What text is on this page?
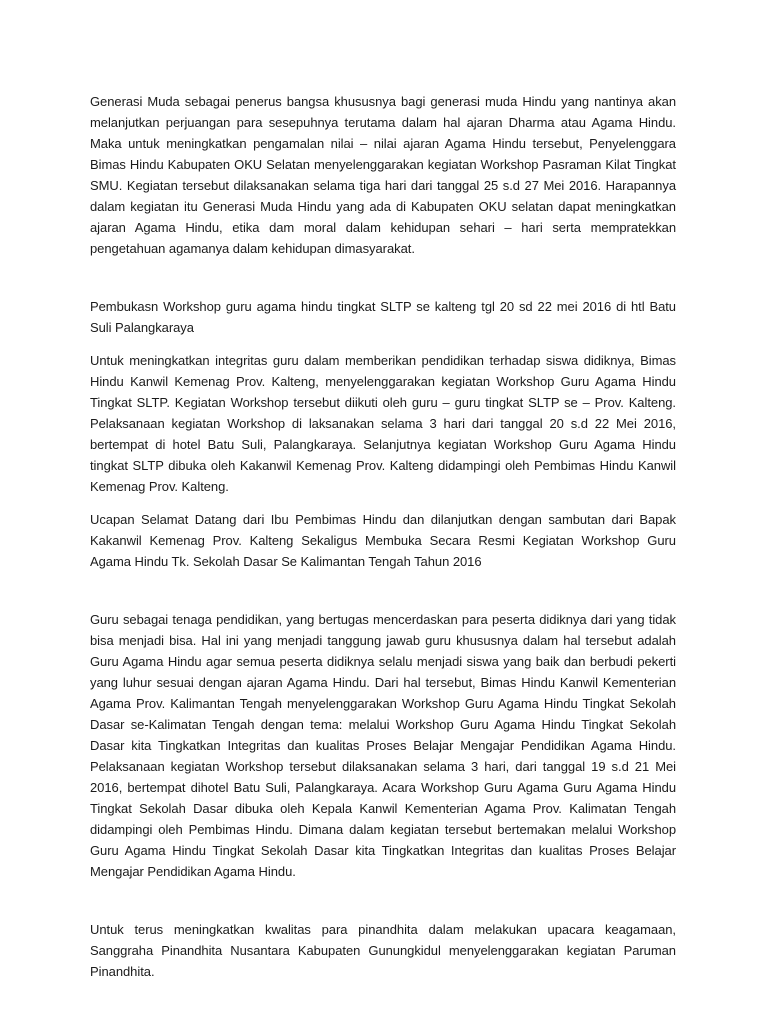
Generasi Muda sebagai penerus bangsa khususnya bagi generasi muda Hindu yang nantinya akan melanjutkan perjuangan para sesepuhnya terutama dalam hal ajaran Dharma atau Agama Hindu. Maka untuk meningkatkan pengamalan nilai – nilai ajaran Agama Hindu tersebut, Penyelenggara Bimas Hindu Kabupaten OKU Selatan menyelenggarakan kegiatan Workshop Pasraman Kilat Tingkat SMU. Kegiatan tersebut dilaksanakan selama tiga hari dari tanggal 25 s.d 27 Mei 2016. Harapannya dalam kegiatan itu Generasi Muda Hindu yang ada di Kabupaten OKU selatan dapat meningkatkan ajaran Agama Hindu, etika dam moral dalam kehidupan sehari – hari serta mempratekkan pengetahuan agamanya dalam kehidupan dimasyarakat.

Pembukasn Workshop guru agama hindu tingkat SLTP se kalteng tgl 20 sd 22 mei 2016 di htl Batu Suli Palangkaraya

Untuk meningkatkan integritas guru dalam memberikan pendidikan terhadap siswa didiknya, Bimas Hindu Kanwil Kemenag Prov. Kalteng, menyelenggarakan kegiatan Workshop Guru Agama Hindu Tingkat SLTP. Kegiatan Workshop tersebut diikuti oleh guru – guru tingkat SLTP se – Prov. Kalteng. Pelaksanaan kegiatan Workshop di laksanakan selama 3 hari dari tanggal 20 s.d 22 Mei 2016, bertempat di hotel Batu Suli, Palangkaraya. Selanjutnya kegiatan Workshop Guru Agama Hindu tingkat SLTP dibuka oleh Kakanwil Kemenag Prov. Kalteng didampingi oleh Pembimas Hindu Kanwil Kemenag Prov. Kalteng.

Ucapan Selamat Datang dari Ibu Pembimas Hindu dan dilanjutkan dengan sambutan dari Bapak Kakanwil Kemenag Prov. Kalteng Sekaligus Membuka Secara Resmi Kegiatan Workshop Guru Agama Hindu Tk. Sekolah Dasar Se Kalimantan Tengah Tahun 2016

Guru sebagai tenaga pendidikan, yang bertugas mencerdaskan para peserta didiknya dari yang tidak bisa menjadi bisa. Hal ini yang menjadi tanggung jawab guru khususnya dalam hal tersebut adalah Guru Agama Hindu agar semua peserta didiknya selalu menjadi siswa yang baik dan berbudi pekerti yang luhur sesuai dengan ajaran Agama Hindu. Dari hal tersebut, Bimas Hindu Kanwil Kementerian Agama Prov. Kalimantan Tengah menyelenggarakan Workshop Guru Agama Hindu Tingkat Sekolah Dasar se-Kalimatan Tengah dengan tema: melalui Workshop Guru Agama Hindu Tingkat Sekolah Dasar kita Tingkatkan Integritas dan kualitas Proses Belajar Mengajar Pendidikan Agama Hindu. Pelaksanaan kegiatan Workshop tersebut dilaksanakan selama 3 hari, dari tanggal 19 s.d 21 Mei 2016, bertempat dihotel Batu Suli, Palangkaraya. Acara Workshop Guru Agama Guru Agama Hindu Tingkat Sekolah Dasar dibuka oleh Kepala Kanwil Kementerian Agama Prov. Kalimatan Tengah didampingi oleh Pembimas Hindu. Dimana dalam kegiatan tersebut bertemakan melalui Workshop Guru Agama Hindu Tingkat Sekolah Dasar kita Tingkatkan Integritas dan kualitas Proses Belajar Mengajar Pendidikan Agama Hindu.

Untuk terus meningkatkan kwalitas para pinandhita dalam melakukan upacara keagamaan, Sanggraha Pinandhita Nusantara Kabupaten Gunungkidul menyelenggarakan kegiatan Paruman Pinandhita.
